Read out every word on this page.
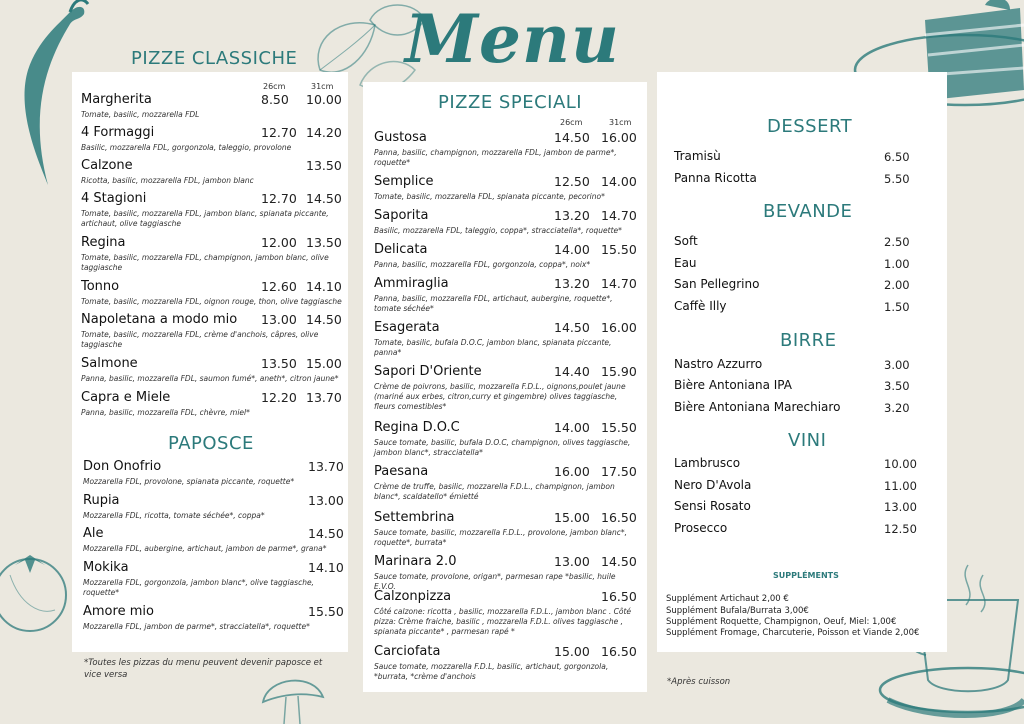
Menu
PIZZE CLASSICHE
26cm	31cm
Margherita	8.50 10.00
Tomate, basilic, mozzarella FDL
4 Formaggi	12.70 14.20
Basilic, mozzarella FDL, gorgonzola, taleggio, provolone
Calzone	13.50
Ricotta, basilic, mozzarella FDL, jambon blanc
4 Stagioni	12.70 14.50
Tomate, basilic, mozzarella FDL, jambon blanc, spianata piccante, artichaut, olive taggiasche
Regina	12.00 13.50
Tomate, basilic, mozzarella FDL, champignon, jambon blanc, olive taggiasche
Tonno	12.60 14.10
Tomate, basilic, mozzarella FDL, oignon rouge, thon, olive taggiasche
Napoletana a modo mio	13.00 14.50
Tomate, basilic, mozzarella FDL, crème d'anchois, câpres, olive taggiasche
Salmone	13.50 15.00
Panna, basilic, mozzarella FDL, saumon fumé*, aneth*, citron jaune*
Capra e Miele	12.20 13.70
Panna, basilic, mozzarella FDL, chèvre, miel*
PAPOSCE
Don Onofrio	13.70
Mozzarella FDL, provolone, spianata piccante, roquette*
Rupia	13.00
Mozzarella FDL, ricotta, tomate séchée*, coppa*
Ale	14.50
Mozzarella FDL, aubergine, artichaut, jambon de parme*, grana*
Mokika	14.10
Mozzarella FDL, gorgonzola, jambon blanc*, olive taggiasche, roquette*
Amore mio	15.50
Mozzarella FDL, jambon de parme*, stracciatella*, roquette*
*Toutes les pizzas du menu peuvent devenir paposce et vice versa
PIZZE SPECIALI
26cm	31cm
Gustosa	14.50 16.00
Panna, basilic, champignon, mozzarella FDL, jambon de parme*, roquette*
Semplice	12.50 14.00
Tomate, basilic, mozzarella FDL, spianata piccante, pecorino*
Saporita	13.20 14.70
Basilic, mozzarella FDL, taleggio, coppa*, stracciatella*, roquette*
Delicata	14.00 15.50
Panna, basilic, mozzarella FDL, gorgonzola, coppa*, noix*
Ammiraglia	13.20 14.70
Panna, basilic, mozzarella FDL, artichaut, aubergine, roquette*, tomate séchée*
Esagerata	14.50 16.00
Tomate, basilic, bufala D.O.C, jambon blanc, spianata piccante, panna*
Sapori D'Oriente	14.40 15.90
Crème de poivrons, basilic, mozzarella F.D.L., oignons,poulet jaune (mariné aux erbes, citron,curry et gingembre) olives taggiasche, fleurs comestibles*
Regina D.O.C	14.00 15.50
Sauce tomate, basilic, bufala D.O.C, champignon, olives taggiasche, jambon blanc*, stracciatella*
Paesana	16.00 17.50
Crème de truffe, basilic, mozzarella F.D.L., champignon, jambon blanc*, scaldatello* émietté
Settembrina	15.00 16.50
Sauce tomate, basilic, mozzarella F.D.L., provolone, jambon blanc*, roquette*, burrata*
Marinara 2.0	13.00 14.50
Sauce tomate, provolone, origan*, parmesan rape *basilic, huile E.V.O.
Calzonpizza	16.50
Côté calzone: ricotta , basilic, mozzarella F.D.L., jambon blanc . Côté pizza: Crème fraiche, basilic , mozzarella F.D.L. olives taggiasche , spianata piccante* , parmesan rapé *
Carciofata	15.00 16.50
Sauce tomate, mozzarella F.D.L, basilic, artichaut, gorgonzola, *burrata, *crème d'anchois
DESSERT
Tramisù	6.50
Panna Ricotta	5.50
BEVANDE
Soft	2.50
Eau	1.00
San Pellegrino	2.00
Caffè Illy	1.50
BIRRE
Nastro Azzurro	3.00
Bière Antoniana IPA	3.50
Bière Antoniana Marechiaro	3.20
VINI
Lambrusco	10.00
Nero D'Avola	11.00
Sensi Rosato	13.00
Prosecco	12.50
SUPPLÉMENTS
Supplément Artichaut 2,00 €
Supplément Bufala/Burrata 3,00€
Supplément Roquette, Champignon, Oeuf, Miel: 1,00€
Supplément Fromage, Charcuterie, Poisson et Viande 2,00€
*Après cuisson
